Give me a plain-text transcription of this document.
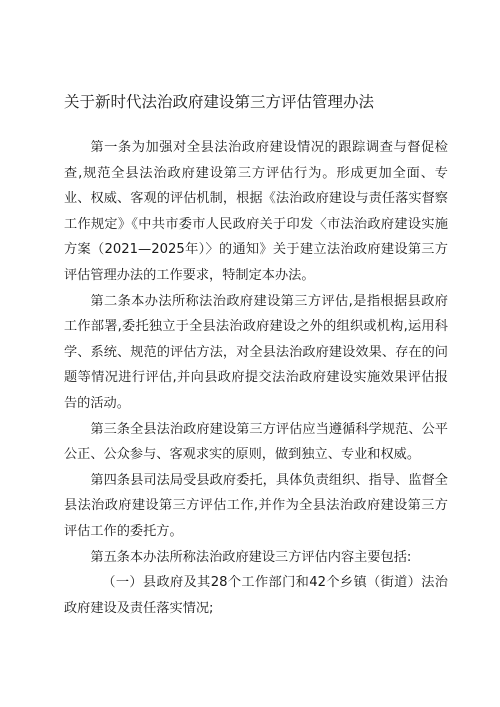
关于新时代法治政府建设第三方评估管理办法

第一条为加强对全县法治政府建设情况的跟踪调查与督促检查,规范全县法治政府建设第三方评估行为。形成更加全面、专业、权威、客观的评估机制，根据《法治政府建设与责任落实督察工作规定》《中共市委市人民政府关于印发〈市法治政府建设实施方案（2021—2025年）〉的通知》关于建立法治政府建设第三方评估管理办法的工作要求，特制定本办法。

第二条本办法所称法治政府建设第三方评估,是指根据县政府工作部署,委托独立于全县法治政府建设之外的组织或机构,运用科学、系统、规范的评估方法，对全县法治政府建设效果、存在的问题等情况进行评估,并向县政府提交法治政府建设实施效果评估报告的活动。

第三条全县法治政府建设第三方评估应当遵循科学规范、公平公正、公众参与、客观求实的原则，做到独立、专业和权威。

第四条县司法局受县政府委托，具体负责组织、指导、监督全县法治政府建设第三方评估工作,并作为全县法治政府建设第三方评估工作的委托方。

第五条本办法所称法治政府建设三方评估内容主要包括:

（一）县政府及其28个工作部门和42个乡镇（街道）法治政府建设及责任落实情况;
